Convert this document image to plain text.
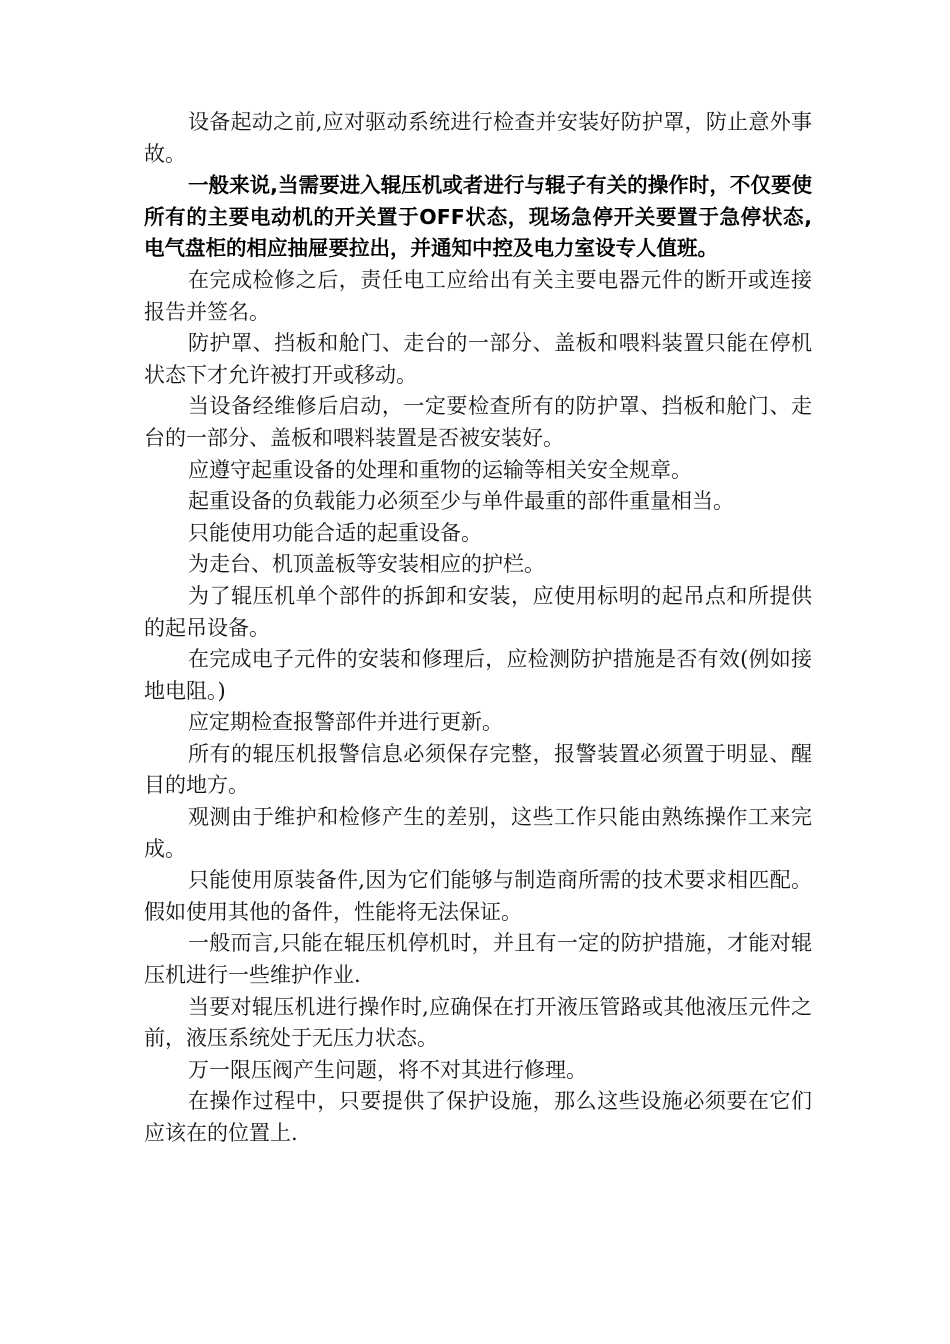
设备起动之前,应对驱动系统进行检查并安装好防护罩，防止意外事故。

一般来说,当需要进入辊压机或者进行与辊子有关的操作时，不仅要使所有的主要电动机的开关置于OFF状态，现场急停开关要置于急停状态,电气盘柜的相应抽屉要拉出，并通知中控及电力室设专人值班。

在完成检修之后，责任电工应给出有关主要电器元件的断开或连接报告并签名。

防护罩、挡板和舱门、走台的一部分、盖板和喂料装置只能在停机状态下才允许被打开或移动。

当设备经维修后启动，一定要检查所有的防护罩、挡板和舱门、走台的一部分、盖板和喂料装置是否被安装好。

应遵守起重设备的处理和重物的运输等相关安全规章。

起重设备的负载能力必须至少与单件最重的部件重量相当。

只能使用功能合适的起重设备。

为走台、机顶盖板等安装相应的护栏。

为了辊压机单个部件的拆卸和安装，应使用标明的起吊点和所提供的起吊设备。

在完成电子元件的安装和修理后，应检测防护措施是否有效(例如接地电阻。)

应定期检查报警部件并进行更新。

所有的辊压机报警信息必须保存完整，报警装置必须置于明显、醒目的地方。

观测由于维护和检修产生的差别，这些工作只能由熟练操作工来完成。

只能使用原装备件,因为它们能够与制造商所需的技术要求相匹配。假如使用其他的备件，性能将无法保证。

一般而言,只能在辊压机停机时，并且有一定的防护措施，才能对辊压机进行一些维护作业.

当要对辊压机进行操作时,应确保在打开液压管路或其他液压元件之前，液压系统处于无压力状态。

万一限压阀产生问题，将不对其进行修理。

在操作过程中，只要提供了保护设施，那么这些设施必须要在它们应该在的位置上.
